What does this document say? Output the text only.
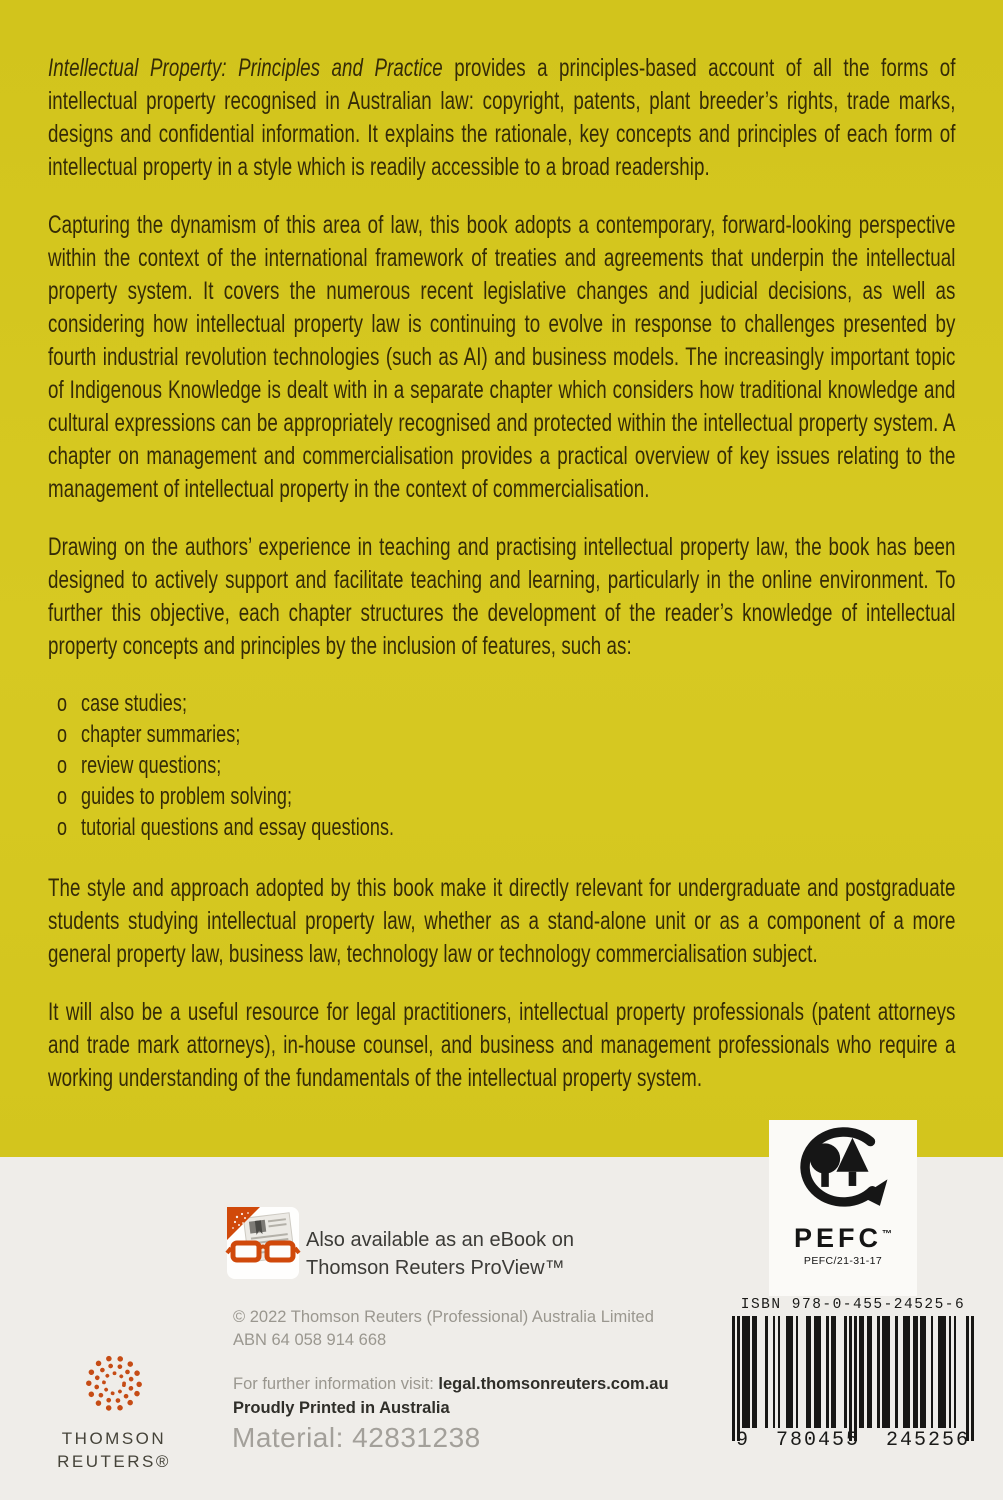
Intellectual Property: Principles and Practice provides a principles-based account of all the forms of intellectual property recognised in Australian law: copyright, patents, plant breeder’s rights, trade marks, designs and confidential information. It explains the rationale, key concepts and principles of each form of intellectual property in a style which is readily accessible to a broad readership.

Capturing the dynamism of this area of law, this book adopts a contemporary, forward-looking perspective within the context of the international framework of treaties and agreements that underpin the intellectual property system. It covers the numerous recent legislative changes and judicial decisions, as well as considering how intellectual property law is continuing to evolve in response to challenges presented by fourth industrial revolution technologies (such as AI) and business models. The increasingly important topic of Indigenous Knowledge is dealt with in a separate chapter which considers how traditional knowledge and cultural expressions can be appropriately recognised and protected within the intellectual property system. A chapter on management and commercialisation provides a practical overview of key issues relating to the management of intellectual property in the context of commercialisation.

Drawing on the authors’ experience in teaching and practising intellectual property law, the book has been designed to actively support and facilitate teaching and learning, particularly in the online environment. To further this objective, each chapter structures the development of the reader’s knowledge of intellectual property concepts and principles by the inclusion of features, such as:

o case studies;
o chapter summaries;
o review questions;
o guides to problem solving;
o tutorial questions and essay questions.

The style and approach adopted by this book make it directly relevant for undergraduate and postgraduate students studying intellectual property law, whether as a stand-alone unit or as a component of a more general property law, business law, technology law or technology commercialisation subject.

It will also be a useful resource for legal practitioners, intellectual property professionals (patent attorneys and trade mark attorneys), in-house counsel, and business and management professionals who require a working understanding of the fundamentals of the intellectual property system.

Also available as an eBook on
Thomson Reuters ProView™
© 2022 Thomson Reuters (Professional) Australia Limited
ABN 64 058 914 668
For further information visit: legal.thomsonreuters.com.au
Proudly Printed in Australia
Material: 42831238
THOMSON
REUTERS®
PEFC™
PEFC/21-31-17
ISBN 978-0-455-24525-6
9 780455 245256
